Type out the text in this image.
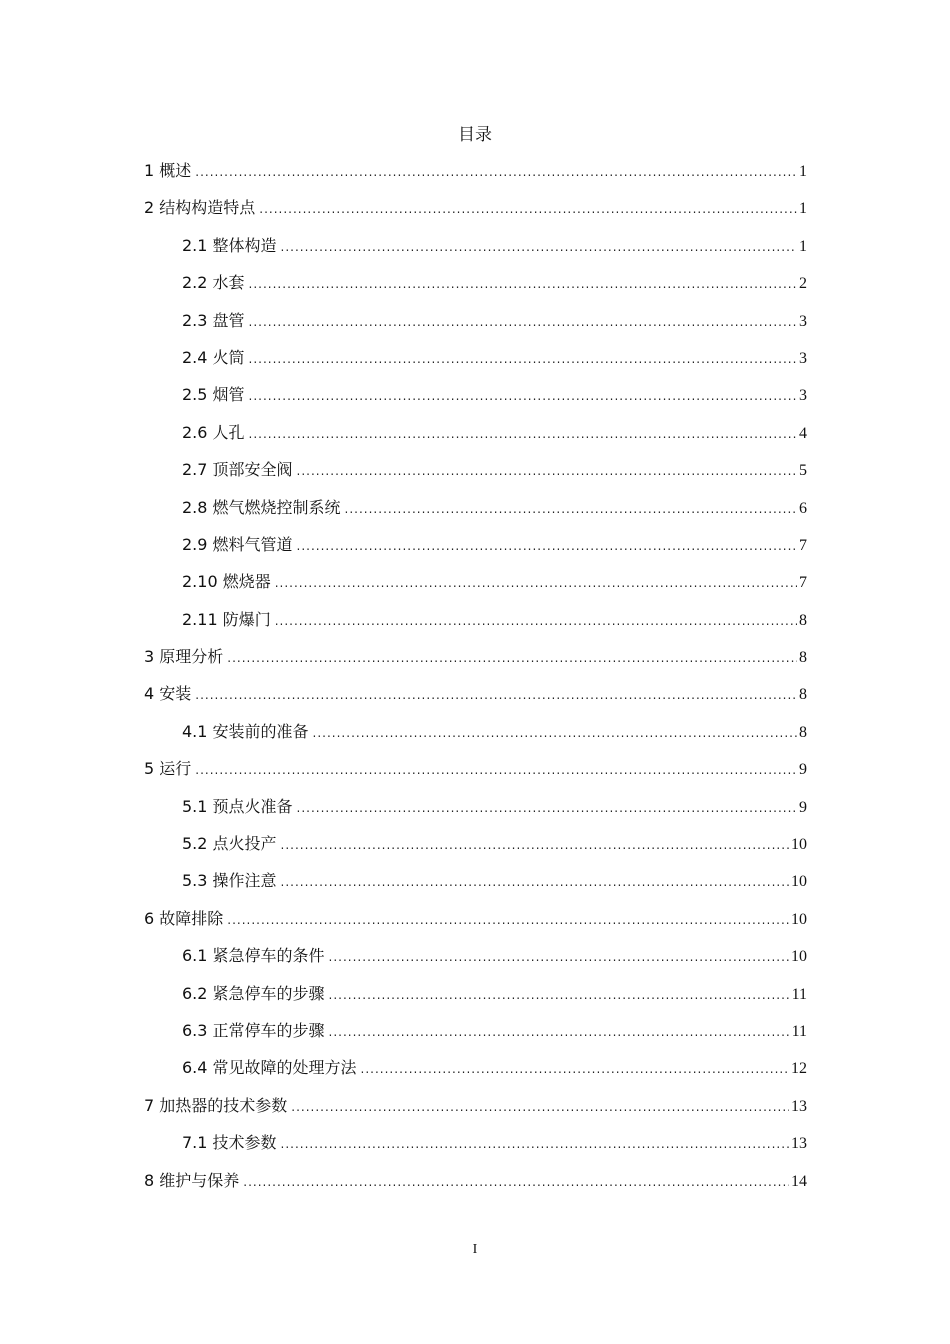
目录
1 概述 .....	1
2 结构构造特点 .....	1
2.1 整体构造 .....	1
2.2 水套 .....	2
2.3 盘管 .....	3
2.4 火筒 .....	3
2.5 烟管 .....	3
2.6 人孔 .....	4
2.7 顶部安全阀 .....	5
2.8 燃气燃烧控制系统 .....	6
2.9 燃料气管道 .....	7
2.10 燃烧器 .....	7
2.11 防爆门 .....	8
3 原理分析 .....	8
4 安装 .....	8
4.1 安装前的准备 .....	8
5 运行 .....	9
5.1 预点火准备 .....	9
5.2 点火投产 .....	10
5.3 操作注意 .....	10
6 故障排除 .....	10
6.1 紧急停车的条件 .....	10
6.2 紧急停车的步骤 .....	11
6.3 正常停车的步骤 .....	11
6.4 常见故障的处理方法 .....	12
7 加热器的技术参数 .....	13
7.1 技术参数 .....	13
8 维护与保养 .....	14
I
